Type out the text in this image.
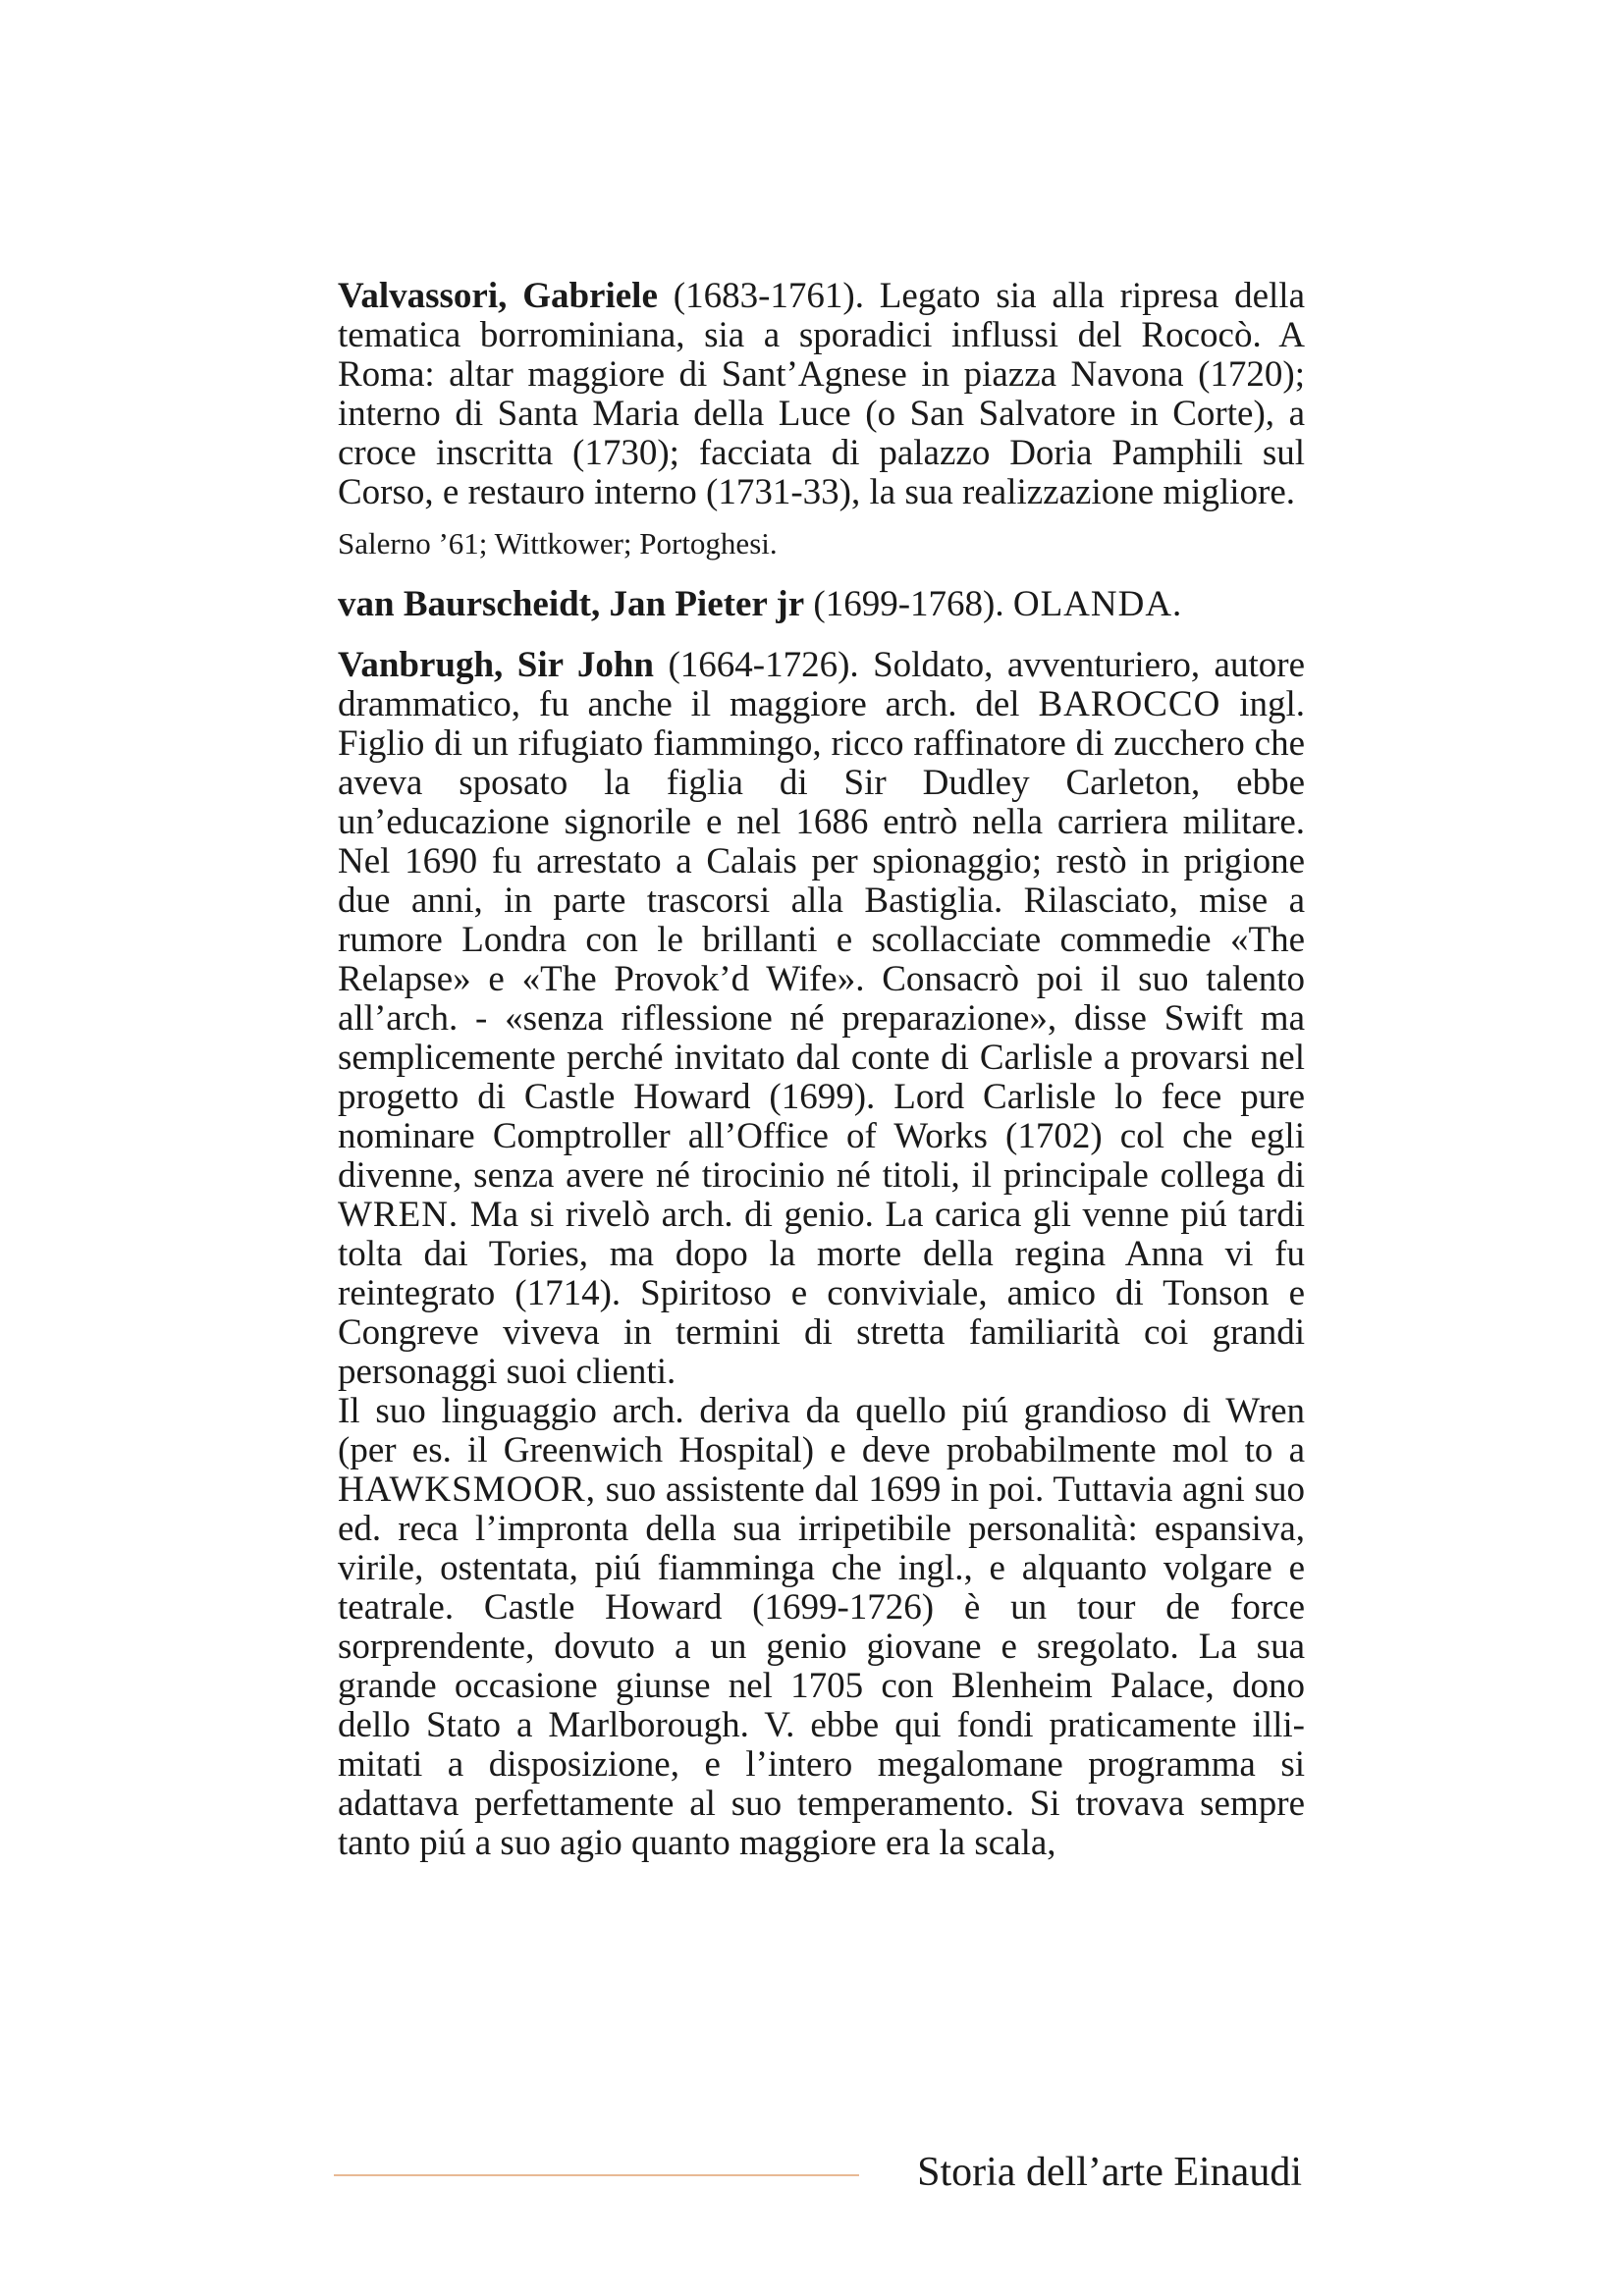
Valvassori, Gabriele (1683-1761). Legato sia alla ripresa della tematica borrominiana, sia a sporadici influssi del Rococò. A Roma: altar maggiore di Sant’Agnese in piazza Navona (1720); interno di Santa Maria della Luce (o San Salvatore in Corte), a croce inscritta (1730); facciata di palazzo Doria Pamphili sul Corso, e restauro interno (1731-33), la sua realizzazione migliore.

Salerno ’61; Wittkower; Portoghesi.

van Baurscheidt, Jan Pieter jr (1699-1768). OLANDA.

Vanbrugh, Sir John (1664-1726). Soldato, avventuriero, autore drammatico, fu anche il maggiore arch. del BAROCCO ingl. Figlio di un rifugiato fiammingo, ricco raffinatore di zucchero che aveva sposato la figlia di Sir Dudley Carleton, ebbe un’educazione signorile e nel 1686 entrò nella carriera militare. Nel 1690 fu arrestato a Calais per spionaggio; restò in prigione due anni, in parte trascorsi alla Bastiglia. Rilasciato, mise a rumore Londra con le brillanti e scollacciate commedie «The Relapse» e «The Provok’d Wife». Consacrò poi il suo talento all’arch. - «senza riflessione né preparazione», disse Swift ma semplicemente perché invitato dal conte di Carlisle a provarsi nel progetto di Castle Howard (1699). Lord Carlisle lo fece pure nominare Comptroller all’Office of Works (1702) col che egli divenne, senza avere né tirocinio né titoli, il principale collega di WREN. Ma si rivelò arch. di genio. La carica gli venne piú tardi tolta dai Tories, ma dopo la morte della regina Anna vi fu reintegrato (1714). Spiritoso e conviviale, amico di Tonson e Congreve viveva in termini di stretta familiarità coi grandi personaggi suoi clienti.

Il suo linguaggio arch. deriva da quello piú grandioso di Wren (per es. il Greenwich Hospital) e deve probabilmente mol to a HAWKSMOOR, suo assistente dal 1699 in poi. Tuttavia agni suo ed. reca l’impronta della sua irripetibile personalità: espansiva, virile, ostentata, piú fiamminga che ingl., e alquanto volgare e teatrale. Castle Howard (1699-1726) è un tour de force sorprendente, dovuto a un genio giovane e sregolato. La sua grande occasione giunse nel 1705 con Blenheim Palace, dono dello Stato a Marlborough. V. ebbe qui fondi praticamente illimitati a disposizione, e l’intero megalomane programma si adattava perfettamente al suo temperamento. Si trovava sempre tanto piú a suo agio quanto maggiore era la scala,

Storia dell’arte Einaudi
